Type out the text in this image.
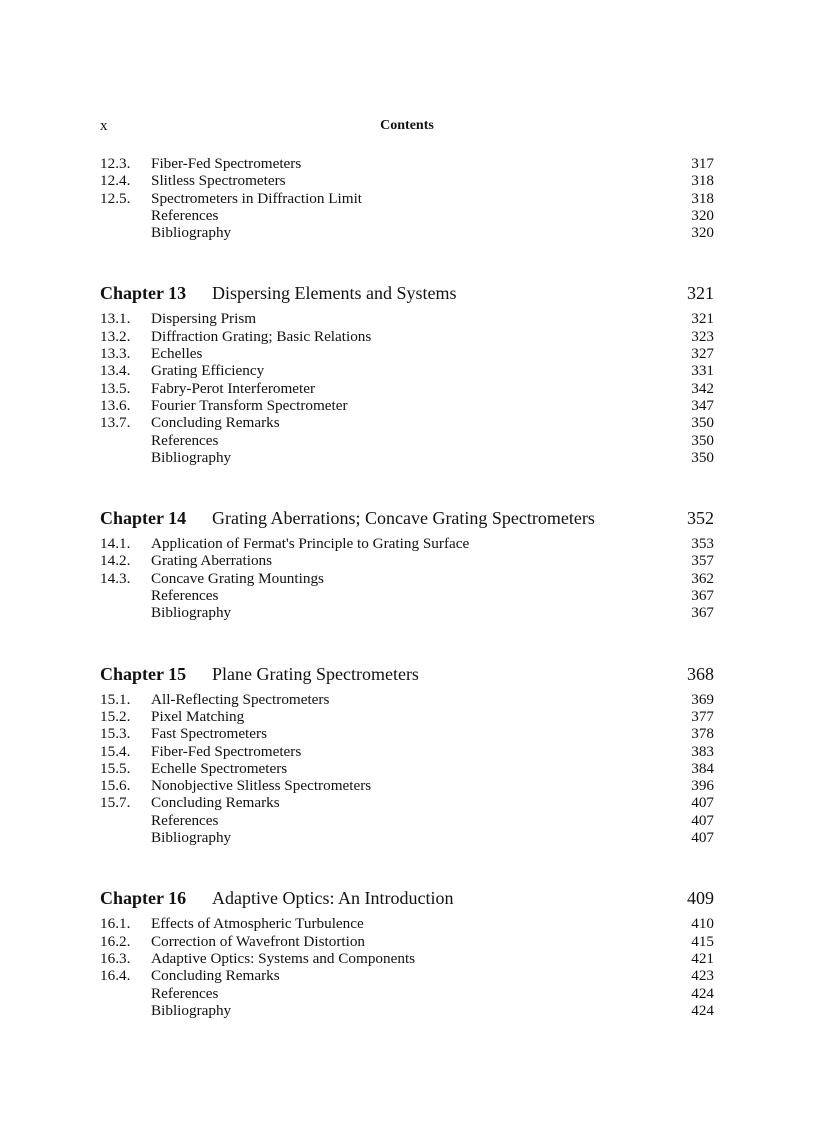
x	Contents
12.3. Fiber-Fed Spectrometers	317
12.4. Slitless Spectrometers	318
12.5. Spectrometers in Diffraction Limit	318
References	320
Bibliography	320
Chapter 13 Dispersing Elements and Systems	321
13.1. Dispersing Prism	321
13.2. Diffraction Grating; Basic Relations	323
13.3. Echelles	327
13.4. Grating Efficiency	331
13.5. Fabry-Perot Interferometer	342
13.6. Fourier Transform Spectrometer	347
13.7. Concluding Remarks	350
References	350
Bibliography	350
Chapter 14 Grating Aberrations; Concave Grating Spectrometers	352
14.1. Application of Fermat's Principle to Grating Surface	353
14.2. Grating Aberrations	357
14.3. Concave Grating Mountings	362
References	367
Bibliography	367
Chapter 15 Plane Grating Spectrometers	368
15.1. All-Reflecting Spectrometers	369
15.2. Pixel Matching	377
15.3. Fast Spectrometers	378
15.4. Fiber-Fed Spectrometers	383
15.5. Echelle Spectrometers	384
15.6. Nonobjective Slitless Spectrometers	396
15.7. Concluding Remarks	407
References	407
Bibliography	407
Chapter 16 Adaptive Optics: An Introduction	409
16.1. Effects of Atmospheric Turbulence	410
16.2. Correction of Wavefront Distortion	415
16.3. Adaptive Optics: Systems and Components	421
16.4. Concluding Remarks	423
References	424
Bibliography	424
